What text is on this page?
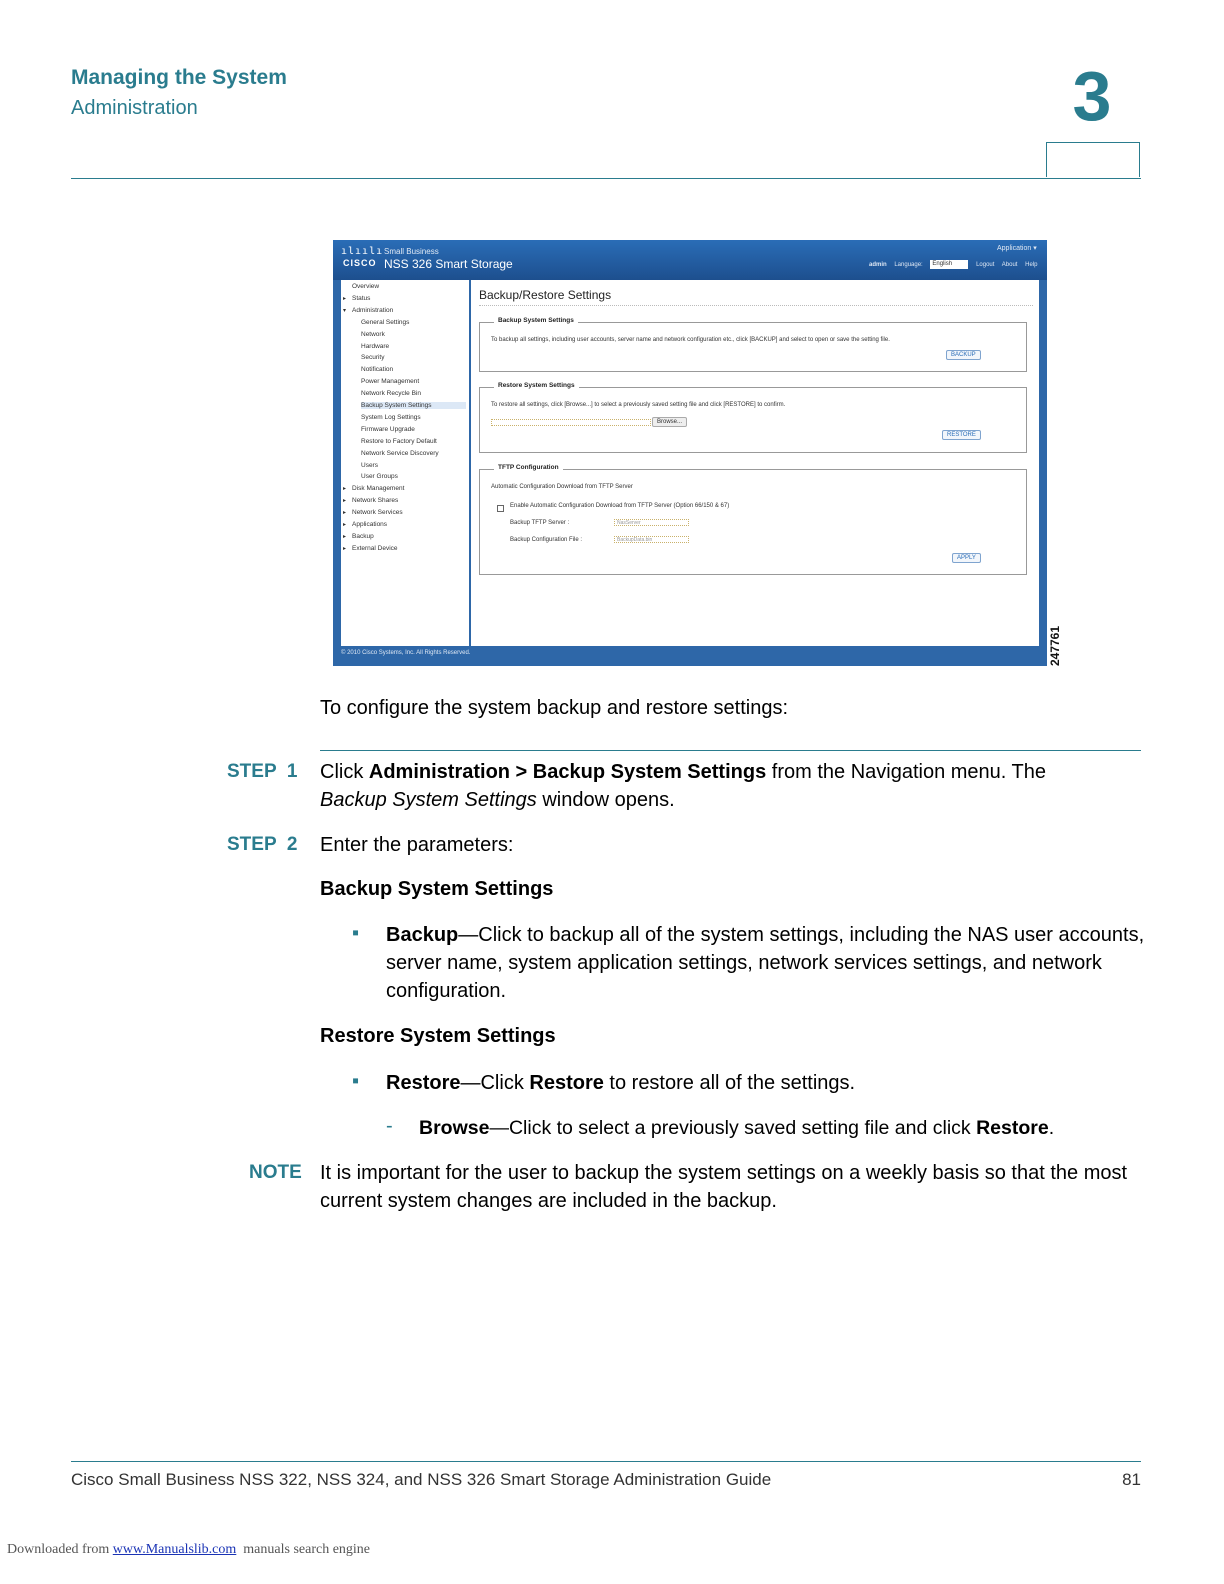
Managing the System
Administration	3
ılıılı
CISCO
Small Business
NSS 326 Smart Storage
Application ▾
admin Language: English	Logout About Help
Overview
▸ Status
▾ Administration
General Settings
Network
Hardware
Security
Notification
Power Management
Network Recycle Bin
Backup System Settings
System Log Settings
Firmware Upgrade
Restore to Factory Default
Network Service Discovery
Users
User Groups
▸ Disk Management
▸ Network Shares
▸ Network Services
▸ Applications
▸ Backup
▸ External Device
Backup/Restore Settings
Backup System Settings
To backup all settings, including user accounts, server name and network configuration etc., click [BACKUP] and select to open or save the setting file.
BACKUP
Restore System Settings
To restore all settings, click [Browse...] to select a previously saved setting file and click [RESTORE] to confirm.
Browse...
RESTORE
TFTP Configuration
Automatic Configuration Download from TFTP Server
Enable Automatic Configuration Download from TFTP Server (Option 66/150 & 67)
Backup TFTP Server :	NasServer
Backup Configuration File :	BackupData.bin
APPLY
© 2010 Cisco Systems, Inc. All Rights Reserved.	247761
To configure the system backup and restore settings:
STEP  1 Click Administration > Backup System Settings from the Navigation menu. The
Backup System Settings window opens.
STEP  2 Enter the parameters:
Backup System Settings
▪ Backup—Click to backup all of the system settings, including the NAS user accounts, server name, system application settings, network services settings, and network configuration.
Restore System Settings
▪ Restore—Click Restore to restore all of the settings.
- Browse—Click to select a previously saved setting file and click Restore.
NOTE It is important for the user to backup the system settings on a weekly basis so that the most current system changes are included in the backup.
Cisco Small Business NSS 322, NSS 324, and NSS 326 Smart Storage Administration Guide	81
Downloaded from www.Manualslib.com  manuals search engine
